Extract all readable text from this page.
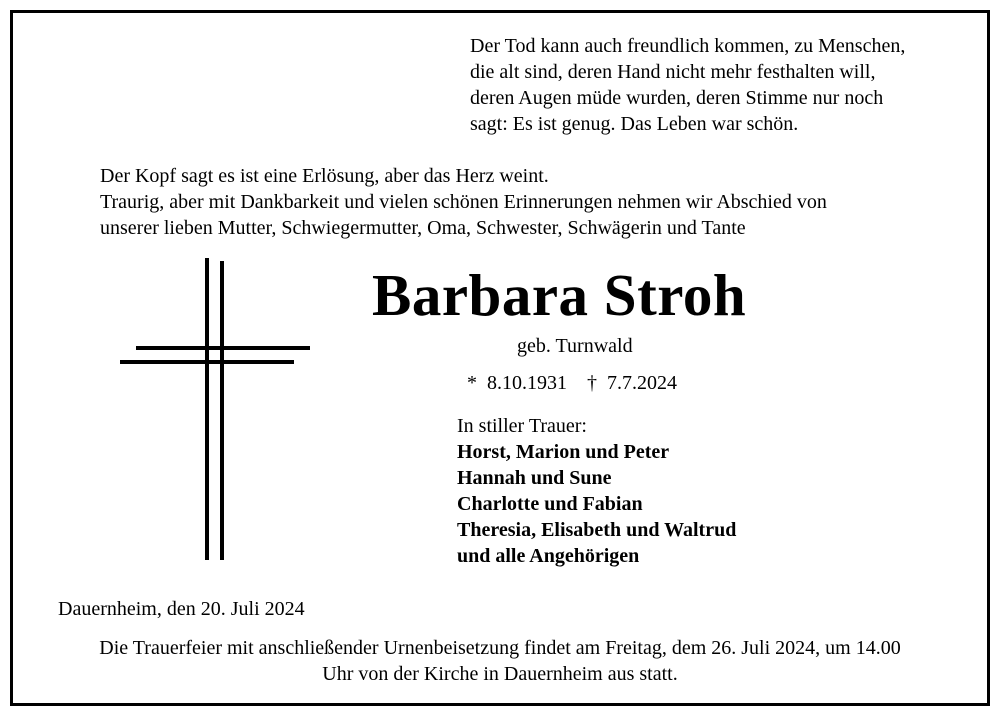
Der Tod kann auch freundlich kommen, zu Menschen,
die alt sind, deren Hand nicht mehr festhalten will,
deren Augen müde wurden, deren Stimme nur noch
sagt: Es ist genug. Das Leben war schön.
Der Kopf sagt es ist eine Erlösung, aber das Herz weint.
Traurig, aber mit Dankbarkeit und vielen schönen Erinnerungen nehmen wir Abschied von
unserer lieben Mutter, Schwiegermutter, Oma, Schwester, Schwägerin und Tante
Barbara Stroh
geb. Turnwald
*  8.10.1931    †  7.7.2024
In stiller Trauer:
Horst, Marion und Peter
Hannah und Sune
Charlotte und Fabian
Theresia, Elisabeth und Waltrud
und alle Angehörigen
Dauernheim, den 20. Juli 2024
Die Trauerfeier mit anschließender Urnenbeisetzung findet am Freitag, dem 26. Juli 2024, um 14.00
Uhr von der Kirche in Dauernheim aus statt.
